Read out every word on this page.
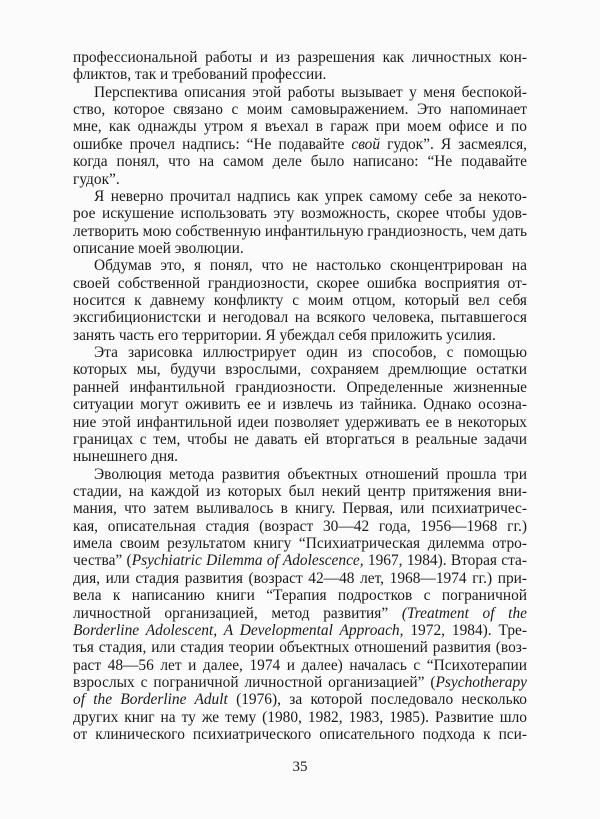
профессиональной работы и из разрешения как личностных кон-
фликтов, так и требований профессии.
Перспектива описания этой работы вызывает у меня беспокой-
ство, которое связано с моим самовыражением. Это напоминает
мне, как однажды утром я въехал в гараж при моем офисе и по
ошибке прочел надпись: “Не подавайте свой гудок”. Я засмеялся,
когда понял, что на самом деле было написано: “Не подавайте
гудок”.
Я неверно прочитал надпись как упрек самому себе за некото-
рое искушение использовать эту возможность, скорее чтобы удов-
летворить мою собственную инфантильную грандиозность, чем дать
описание моей эволюции.
Обдумав это, я понял, что не настолько сконцентрирован на
своей собственной грандиозности, скорее ошибка восприятия от-
носится к давнему конфликту с моим отцом, который вел себя
эксгибиционистски и негодовал на всякого человека, пытавшегося
занять часть его территории. Я убеждал себя приложить усилия.
Эта зарисовка иллюстрирует один из способов, с помощью
которых мы, будучи взрослыми, сохраняем дремлющие остатки
ранней инфантильной грандиозности. Определенные жизненные
ситуации могут оживить ее и извлечь из тайника. Однако осозна-
ние этой инфантильной идеи позволяет удерживать ее в некоторых
границах с тем, чтобы не давать ей вторгаться в реальные задачи
нынешнего дня.
Эволюция метода развития объектных отношений прошла три
стадии, на каждой из которых был некий центр притяжения вни-
мания, что затем выливалось в книгу. Первая, или психиатричес-
кая, описательная стадия (возраст 30—42 года, 1956—1968 гг.)
имела своим результатом книгу “Психиатрическая дилемма отро-
чества” (Psychiatric Dilemma of Adolescence, 1967, 1984). Вторая ста-
дия, или стадия развития (возраст 42—48 лет, 1968—1974 гг.) при-
вела к написанию книги “Терапия подростков с пограничной
личностной организацией, метод развития” (Treatment of the
Borderline Adolescent, A Developmental Approach, 1972, 1984). Тре-
тья стадия, или стадия теории объектных отношений развития (воз-
раст 48—56 лет и далее, 1974 и далее) началась с “Психотерапии
взрослых с пограничной личностной организацией” (Psychotherapy
of the Borderline Adult (1976), за которой последовало несколько
других книг на ту же тему (1980, 1982, 1983, 1985). Развитие шло
от клинического психиатрического описательного подхода к пси-
35
